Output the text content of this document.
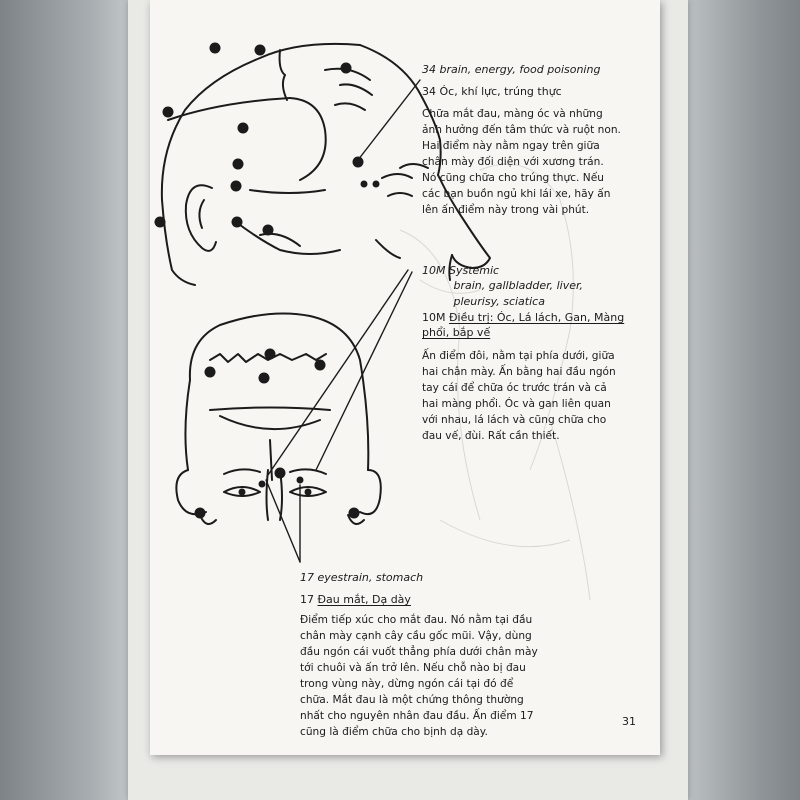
34 brain, energy, food poisoning
34 Óc, khí lực, trúng thực
Chữa mắt đau, màng óc và những
ảnh hưởng đến tâm thức và ruột non.
Hai điểm này nằm ngay trên giữa
chân mày đối diện với xương trán.
Nó cũng chữa cho trúng thực. Nếu
các bạn buồn ngủ khi lái xe, hãy ấn
lên ấn điểm này trong vài phút.
10M Systemic
brain, gallbladder, liver,
pleurisy, sciatica
10M Điều trị: Óc, Lá lách, Gan, Màng
phổi, bắp vế
Ấn điểm đôi, nằm tại phía dưới, giữa
hai chân mày. Ấn bằng hai đầu ngón
tay cái để chữa óc trước trán và cả
hai màng phổi. Óc và gan liên quan
với nhau, lá lách và cũng chữa cho
đau vế, đùi. Rất cần thiết.
17 eyestrain, stomach
17 Đau mắt, Dạ dày
Điểm tiếp xúc cho mắt đau. Nó nằm tại đầu
chân mày cạnh cây cầu gốc mũi. Vậy, dùng
đầu ngón cái vuốt thẳng phía dưới chân mày
tới chuôi và ấn trở lên. Nếu chỗ nào bị đau
trong vùng này, dừng ngón cái tại đó để
chữa. Mắt đau là một chứng thông thường
nhất cho nguyên nhân đau đầu. Ấn điểm 17
cũng là điểm chữa cho bịnh dạ dày.
31
